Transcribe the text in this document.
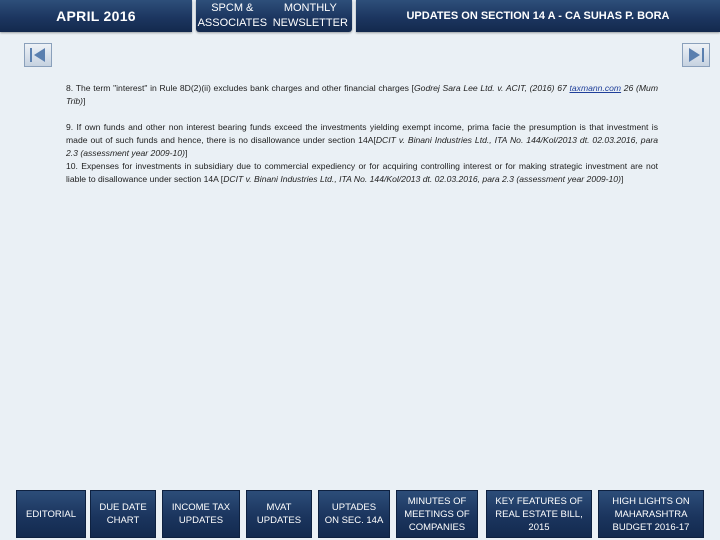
APRIL 2016	SPCM & ASSOCIATES
MONTHLY NEWSLETTER
UPDATES ON SECTION 14 A - CA SUHAS P. BORA

8. The term "interest" in Rule 8D(2)(ii) excludes bank charges and other financial charges [Godrej Sara Lee Ltd. v. ACIT, (2016) 67 taxmann.com 26 (Mum Trib)]

9. If own funds and other non interest bearing funds exceed the investments yielding exempt income, prima facie the presumption is that investment is made out of such funds and hence, there is no disallowance under section 14A[DCIT v. Binani Industries Ltd., ITA No. 144/Kol/2013 dt. 02.03.2016, para 2.3 (assessment year 2009-10)]

10. Expenses for investments in subsidiary due to commercial expediency or for acquiring controlling interest or for making strategic investment are not liable to disallowance under section 14A [DCIT v. Binani Industries Ltd., ITA No. 144/Kol/2013 dt. 02.03.2016, para 2.3 (assessment year 2009-10)]

EDITORIAL
DUE DATE
CHART
INCOME TAX
UPDATES
MVAT
UPDATES
UPTADES
ON SEC. 14A
MINUTES OF
MEETINGS OF
COMPANIES
KEY FEATURES OF
REAL ESTATE BILL,
2015
HIGH LIGHTS ON
MAHARASHTRA
BUDGET 2016-17
